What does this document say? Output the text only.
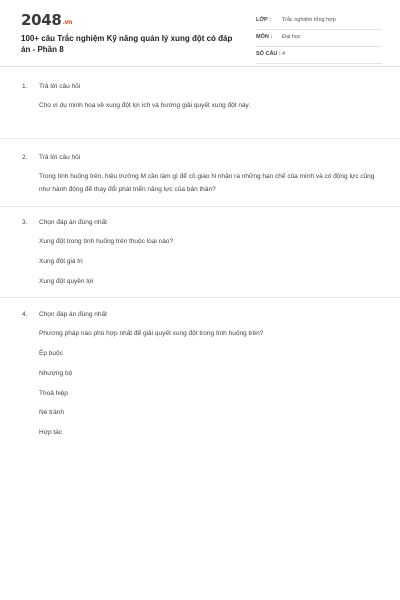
2048.vn
100+ câu Trắc nghiệm Kỹ năng quản lý xung đột có đáp án - Phần 8
LỚP : Trắc nghiệm tổng hợp
MÔN : Đại học
SỐ CÂU : 4
1. Trả lời câu hỏi
Cho ví dụ minh hoạ về xung đột lợi ích và hướng giải quyết xung đột này.
2. Trả lời câu hỏi
Trong tình huống trên, hiệu trưởng M cần làm gì để cô giáo N nhận ra những hạn chế của mình và có động lực cũng như hành động để thay đổi phát triển năng lực của bản thân?
3. Chọn đáp án đúng nhất
Xung đột trong tình huống trên thuộc loại nào?
Xung đột giá trị
Xung đột quyền lợi
4. Chọn đáp án đúng nhất
Phương pháp nào phù hợp nhất để giải quyết xung đột trong tình huống trên?
Ép buộc
Nhượng bộ
Thoả hiệp
Né tránh
Hợp tác
